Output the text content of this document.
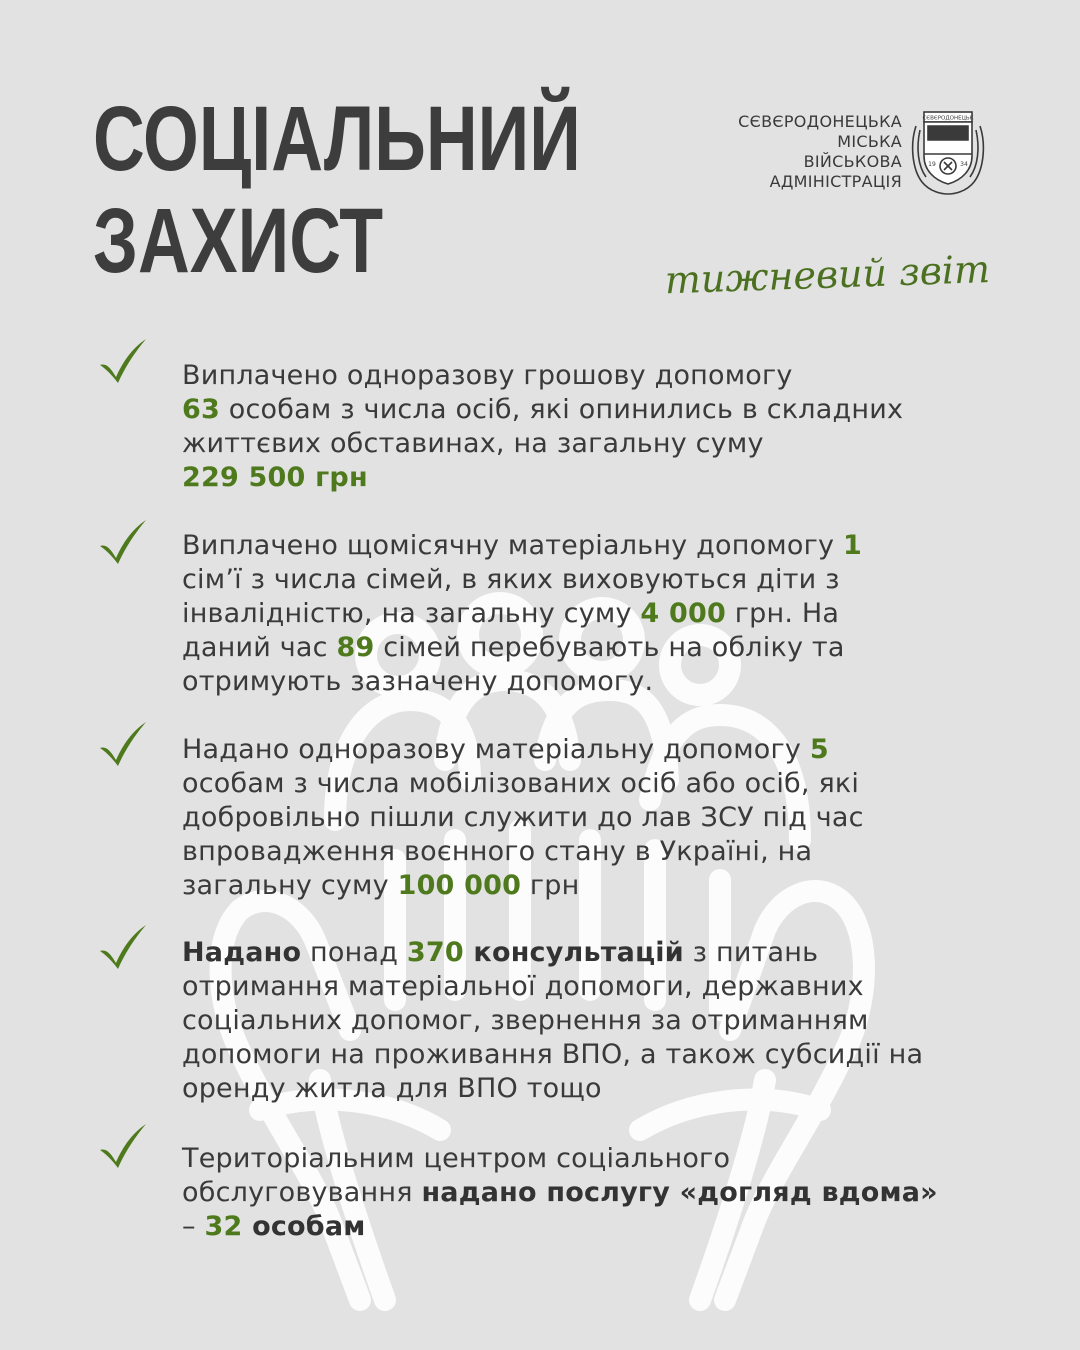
СОЦІАЛЬНИЙ
ЗАХИСТ
СЄВЄРОДОНЕЦЬКА
МІСЬКА
ВІЙСЬКОВА
АДМІНІСТРАЦІЯ
СЄВЄРОДОНЕЦЬК
19	34
тижневий звіт

Виплачено одноразову грошову допомогу
63 особам з числа осіб, які опинились в складних
життєвих обставинах, на загальну суму
229 500 грн

Виплачено щомісячну матеріальну допомогу 1
сім’ї з числа сімей, в яких виховуються діти з
інвалідністю, на загальну суму 4 000 грн. На
даний час 89 сімей перебувають на обліку та
отримують зазначену допомогу.

Надано одноразову матеріальну допомогу 5
особам з числа мобілізованих осіб або осіб, які
добровільно пішли служити до лав ЗСУ під час
впровадження воєнного стану в Україні, на
загальну суму 100 000 грн

Надано понад 370 консультацій з питань
отримання матеріальної допомоги, державних
соціальних допомог, звернення за отриманням
допомоги на проживання ВПО, а також субсидії на
оренду житла для ВПО тощо

Територіальним центром соціального
обслуговування надано послугу «догляд вдома»
– 32 особам
